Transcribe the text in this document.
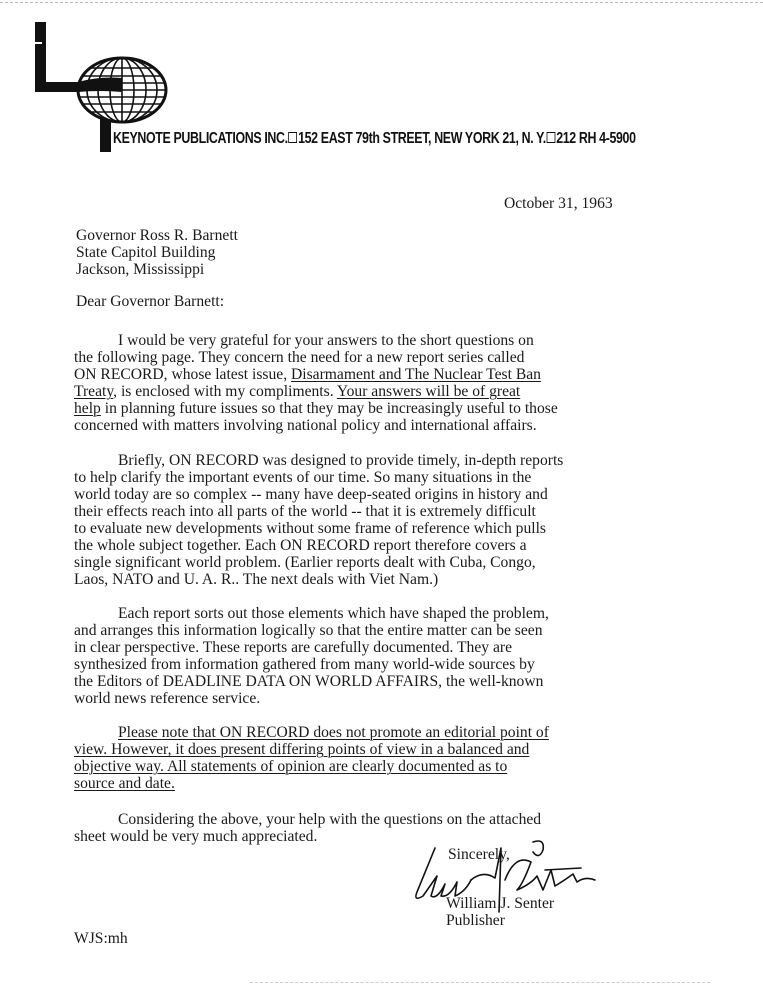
KEYNOTE PUBLICATIONS INC. 152 EAST 79th STREET, NEW YORK 21, N. Y. 212 RH 4-5900
October 31, 1963
Governor Ross R. Barnett
State Capitol Building
Jackson, Mississippi
Dear Governor Barnett:
I would be very grateful for your answers to the short questions on
the following page. They concern the need for a new report series called
ON RECORD, whose latest issue, Disarmament and The Nuclear Test Ban
Treaty, is enclosed with my compliments. Your answers will be of great
help in planning future issues so that they may be increasingly useful to those
concerned with matters involving national policy and international affairs.
Briefly, ON RECORD was designed to provide timely, in-depth reports
to help clarify the important events of our time. So many situations in the
world today are so complex -- many have deep-seated origins in history and
their effects reach into all parts of the world -- that it is extremely difficult
to evaluate new developments without some frame of reference which pulls
the whole subject together. Each ON RECORD report therefore covers a
single significant world problem. (Earlier reports dealt with Cuba, Congo,
Laos, NATO and U. A. R.. The next deals with Viet Nam.)
Each report sorts out those elements which have shaped the problem,
and arranges this information logically so that the entire matter can be seen
in clear perspective. These reports are carefully documented. They are
synthesized from information gathered from many world-wide sources by
the Editors of DEADLINE DATA ON WORLD AFFAIRS, the well-known
world news reference service.
Please note that ON RECORD does not promote an editorial point of
view. However, it does present differing points of view in a balanced and
objective way. All statements of opinion are clearly documented as to
source and date.
Considering the above, your help with the questions on the attached
sheet would be very much appreciated.
Sincerely,
William J. Senter
Publisher
WJS:mh
